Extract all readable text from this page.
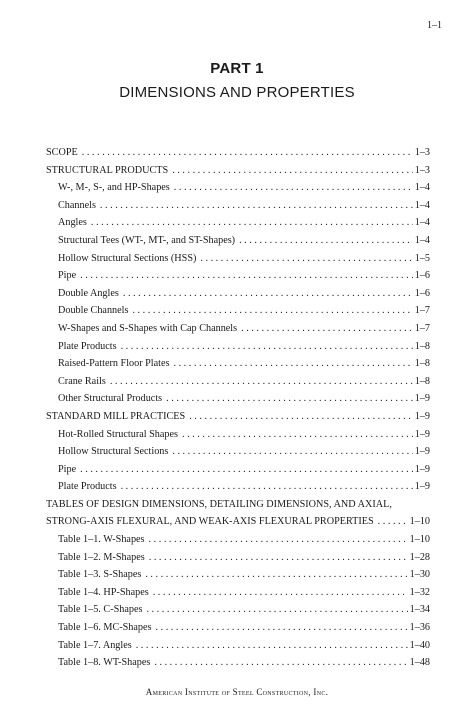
1–1
PART 1
DIMENSIONS AND PROPERTIES
SCOPE . . .	1–3
STRUCTURAL PRODUCTS . . .	1–3
W-, M-, S-, and HP-Shapes . . .	1–4
Channels . . .	1–4
Angles . . .	1–4
Structural Tees (WT-, MT-, and ST-Shapes) . . .	1–4
Hollow Structural Sections (HSS) . . .	1–5
Pipe . . .	1–6
Double Angles . . .	1–6
Double Channels . . .	1–7
W-Shapes and S-Shapes with Cap Channels . . .	1–7
Plate Products . . .	1–8
Raised-Pattern Floor Plates . . .	1–8
Crane Rails . . .	1–8
Other Structural Products . . .	1–9
STANDARD MILL PRACTICES . . .	1–9
Hot-Rolled Structural Shapes . . .	1–9
Hollow Structural Sections . . .	1–9
Pipe . . .	1–9
Plate Products . . .	1–9
TABLES OF DESIGN DIMENSIONS, DETAILING DIMENSIONS, AND AXIAL,
STRONG-AXIS FLEXURAL, AND WEAK-AXIS FLEXURAL PROPERTIES . . .	1–10
Table 1–1. W-Shapes . . .	1–10
Table 1–2. M-Shapes . . .	1–28
Table 1–3. S-Shapes . . .	1–30
Table 1–4. HP-Shapes . . .	1–32
Table 1–5. C-Shapes . . .	1–34
Table 1–6. MC-Shapes . . .	1–36
Table 1–7. Angles . . .	1–40
Table 1–8. WT-Shapes . . .	1–48
American Institute of Steel Construction, Inc.
